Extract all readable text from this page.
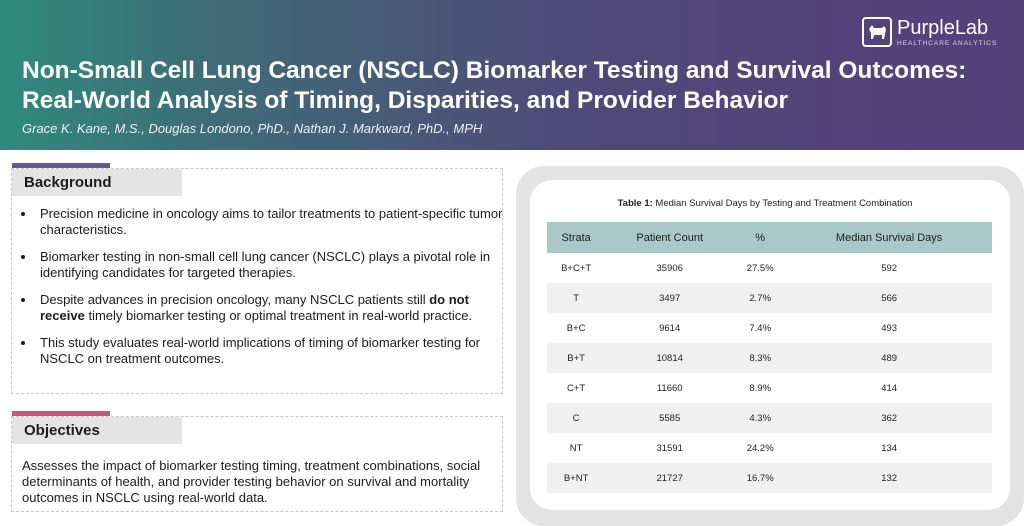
Non-Small Cell Lung Cancer (NSCLC) Biomarker Testing and Survival Outcomes:
Real-World Analysis of Timing, Disparities, and Provider Behavior
Grace K. Kane, M.S., Douglas Londono, PhD., Nathan J. Markward, PhD., MPH
PurpleLab
HEALTHCARE ANALYTICS
Background
• Precision medicine in oncology aims to tailor treatments to patient-specific tumor characteristics.
• Biomarker testing in non-small cell lung cancer (NSCLC) plays a pivotal role in identifying candidates for targeted therapies.
• Despite advances in precision oncology, many NSCLC patients still do not receive timely biomarker testing or optimal treatment in real-world practice.
• This study evaluates real-world implications of timing of biomarker testing for NSCLC on treatment outcomes.
Objectives
Assesses the impact of biomarker testing timing, treatment combinations, social determinants of health, and provider testing behavior on survival and mortality outcomes in NSCLC using real-world data.
Table 1: Median Survival Days by Testing and Treatment Combination
Strata	Patient Count	%	Median Survival Days
B+C+T	35906	27.5%	592
T	3497	2.7%	566
B+C	9614	7.4%	493
B+T	10814	8.3%	489
C+T	11660	8.9%	414
C	5585	4.3%	362
NT	31591	24.2%	134
B+NT	21727	16.7%	132
